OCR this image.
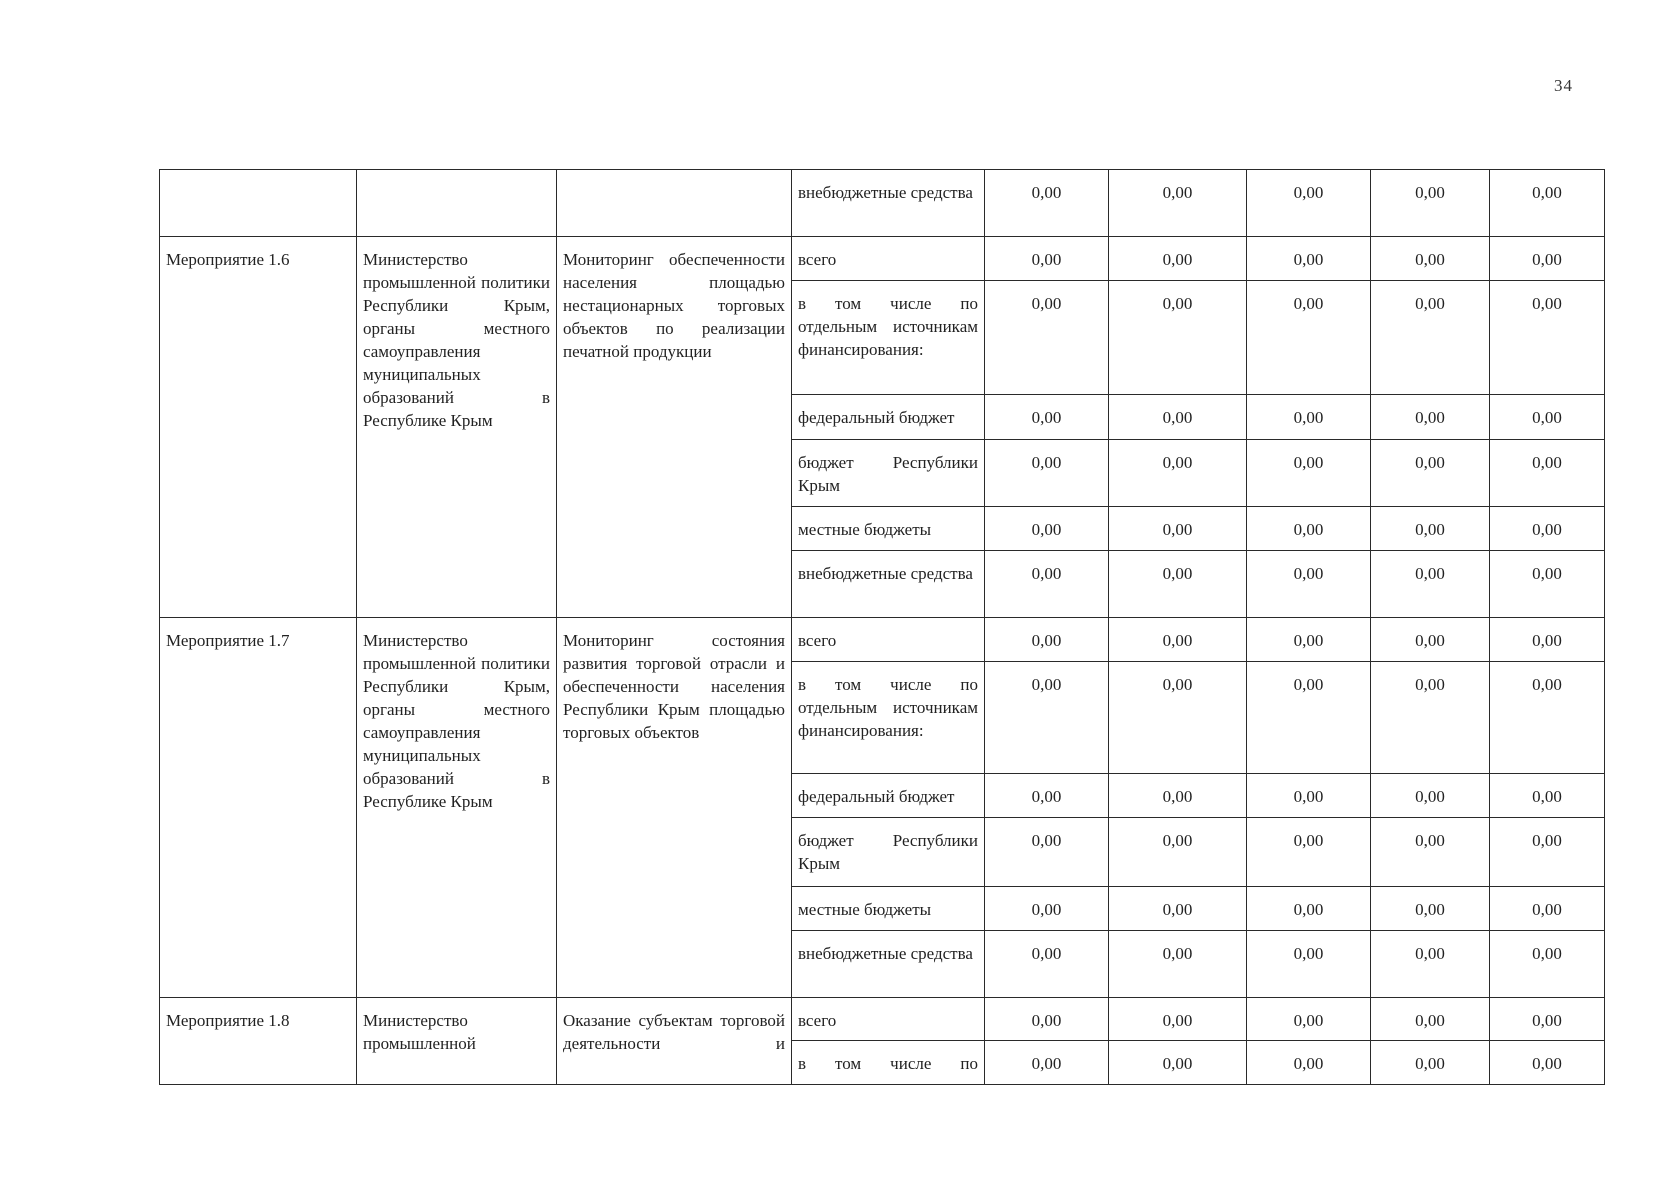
34
			внебюджетные средства	0,00	0,00	0,00	0,00	0,00
Мероприятие 1.6	Министерство промышленной политики Республики Крым, органы местного самоуправления муниципальных образований в Республике Крым	Мониторинг обеспеченности населения площадью нестационарных торговых объектов по реализации печатной продукции	всего	0,00	0,00	0,00	0,00	0,00
			в том числе по отдельным источникам финансирования:	0,00	0,00	0,00	0,00	0,00
			федеральный бюджет	0,00	0,00	0,00	0,00	0,00
			бюджет Республики Крым	0,00	0,00	0,00	0,00	0,00
			местные бюджеты	0,00	0,00	0,00	0,00	0,00
			внебюджетные средства	0,00	0,00	0,00	0,00	0,00
Мероприятие 1.7	Министерство промышленной политики Республики Крым, органы местного самоуправления муниципальных образований в Республике Крым	Мониторинг состояния развития торговой отрасли и обеспеченности населения Республики Крым площадью торговых объектов	всего	0,00	0,00	0,00	0,00	0,00
			в том числе по отдельным источникам финансирования:	0,00	0,00	0,00	0,00	0,00
			федеральный бюджет	0,00	0,00	0,00	0,00	0,00
			бюджет Республики Крым	0,00	0,00	0,00	0,00	0,00
			местные бюджеты	0,00	0,00	0,00	0,00	0,00
			внебюджетные средства	0,00	0,00	0,00	0,00	0,00
Мероприятие 1.8	Министерство промышленной	Оказание субъектам торговой деятельности и	всего	0,00	0,00	0,00	0,00	0,00
			в том числе по	0,00	0,00	0,00	0,00	0,00
